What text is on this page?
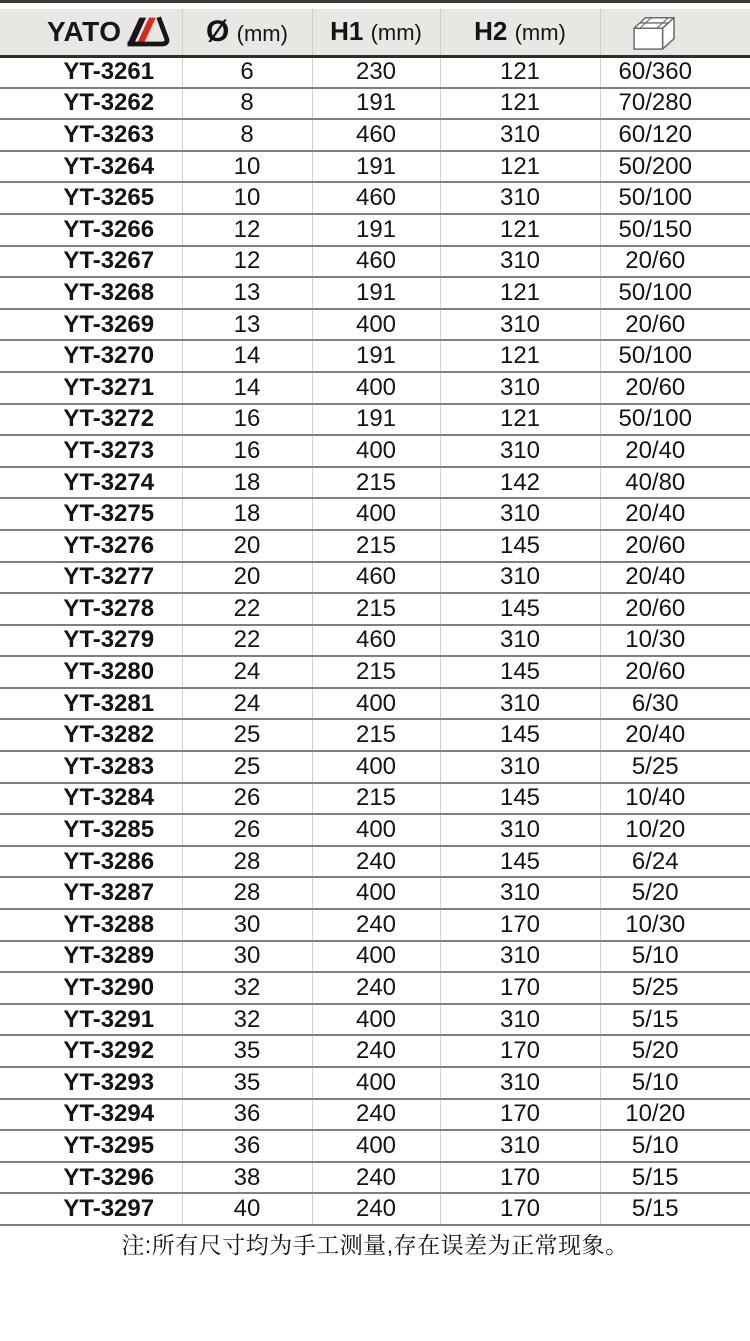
YATO	Ø (mm)	H1 (mm)	H2 (mm)	

YT-3261	6	230	121	60/360
YT-3262	8	191	121	70/280
YT-3263	8	460	310	60/120
YT-3264	10	191	121	50/200
YT-3265	10	460	310	50/100
YT-3266	12	191	121	50/150
YT-3267	12	460	310	20/60
YT-3268	13	191	121	50/100
YT-3269	13	400	310	20/60
YT-3270	14	191	121	50/100
YT-3271	14	400	310	20/60
YT-3272	16	191	121	50/100
YT-3273	16	400	310	20/40
YT-3274	18	215	142	40/80
YT-3275	18	400	310	20/40
YT-3276	20	215	145	20/60
YT-3277	20	460	310	20/40
YT-3278	22	215	145	20/60
YT-3279	22	460	310	10/30
YT-3280	24	215	145	20/60
YT-3281	24	400	310	6/30
YT-3282	25	215	145	20/40
YT-3283	25	400	310	5/25
YT-3284	26	215	145	10/40
YT-3285	26	400	310	10/20
YT-3286	28	240	145	6/24
YT-3287	28	400	310	5/20
YT-3288	30	240	170	10/30
YT-3289	30	400	310	5/10
YT-3290	32	240	170	5/25
YT-3291	32	400	310	5/15
YT-3292	35	240	170	5/20
YT-3293	35	400	310	5/10
YT-3294	36	240	170	10/20
YT-3295	36	400	310	5/10
YT-3296	38	240	170	5/15
YT-3297	40	240	170	5/15
注:所有尺寸均为手工测量,存在误差为正常现象。
